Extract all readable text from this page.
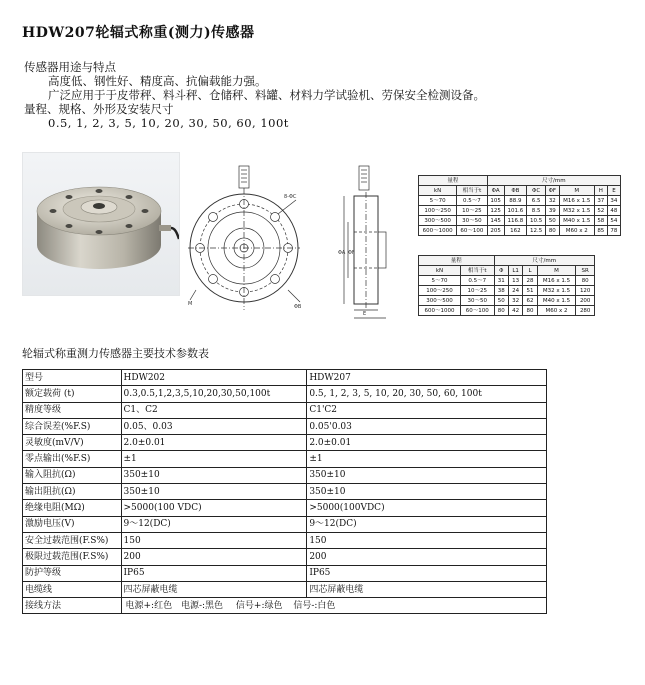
HDW207轮辐式称重(测力)传感器
传感器用途与特点
高度低、钢性好、精度高、抗偏载能力强。
广泛应用于于皮带秤、料斗秤、仓储秤、料罐、材料力学试验机、劳保安全检测设备。
量程、规格、外形及安装尺寸
0.5, 1, 2, 3, 5, 10, 20, 30, 50, 60, 100t
8-ΦC
M	ΦB
ΦA ΦF
E
量程		尺寸/mm						
kN	相当于t	ΦA	ΦB	ΦC	ΦF	M	H	E
5～70	0.5～7	105	88.9	6.5	32	M16 x 1.5	37	34
100～250	10～25	125	101.6	8.5	39	M32 x 1.5	52	48
300～500	30～50	145	116.8	10.5	50	M40 x 1.5	58	54
600～1000	60～100	205	162	12.5	80	M60 x 2	85	78
量程		尺寸/mm				
kN	相当于t	Φ	L1	L	M	SR
5～70	0.5～7	31	13	28	M16 x 1.5	80
100～250	10～25	38	24	51	M32 x 1.5	120
300～500	30～50	50	32	62	M40 x 1.5	200
600～1000	60～100	80	42	80	M60 x 2	280
轮辐式称重测力传感器主要技术参数表
型号	HDW202	HDW207
额定载荷 (t)	0.3,0.5,1,2,3,5,10,20,30,50,100t	0.5, 1, 2, 3, 5, 10, 20, 30, 50, 60, 100t
精度等级	C1、C2	C1'C2
综合误差(%F.S)	0.05、0.03	0.05'0.03
灵敏度(mV/V)	2.0±0.01	2.0±0.01
零点输出(%F.S)	±1	±1
输入阻抗(Ω)	350±10	350±10
输出阻抗(Ω)	350±10	350±10
绝缘电阻(MΩ)	>5000(100 VDC)	>5000(100VDC)
激励电压(V)	9～12(DC)	9～12(DC)
安全过载范围(F.S%)	150	150
极限过载范围(F.S%)	200	200
防护等级	IP65	IP65
电缆线	四芯屏蔽电缆	四芯屏蔽电缆
接线方法	电源+:红色 电源-:黑色 信号+:绿色 信号-:白色	
